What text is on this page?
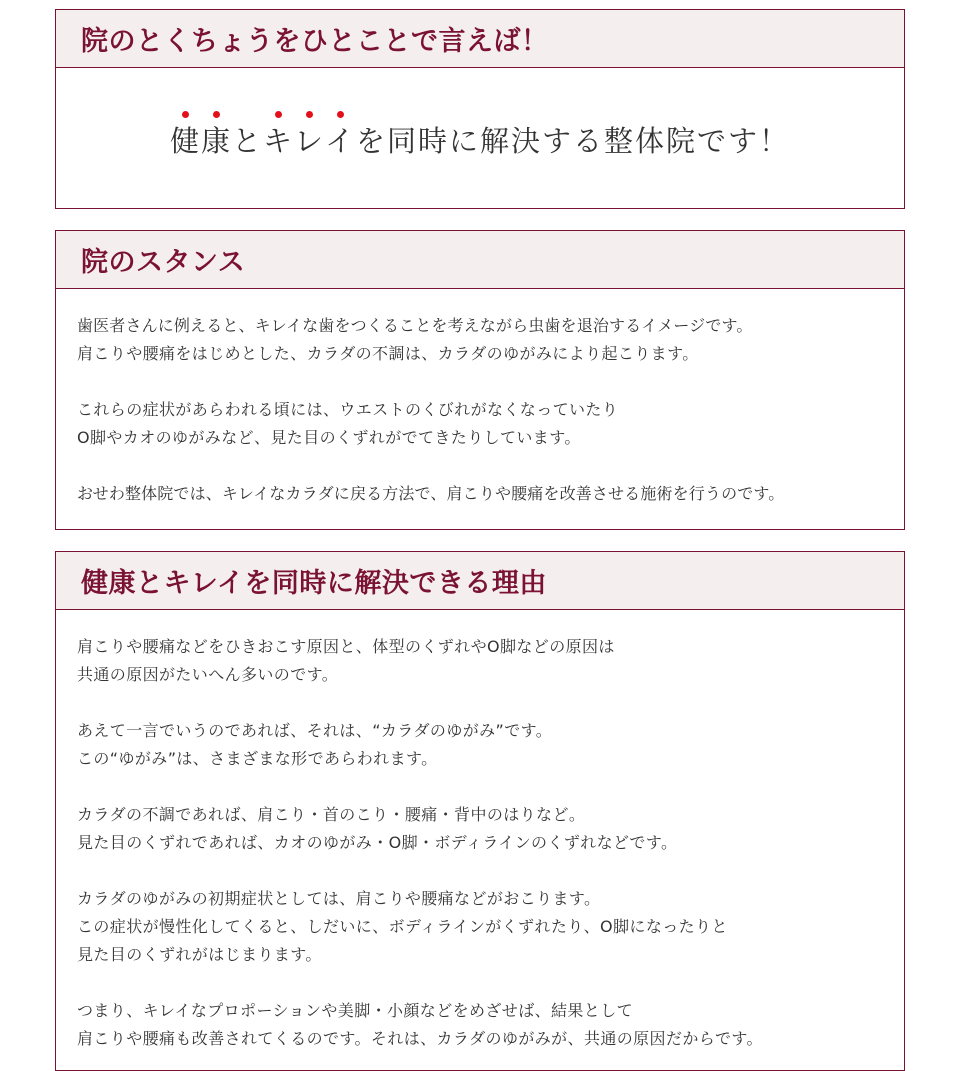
院のとくちょうをひとことで言えば！

健康とキレイを同時に解決する整体院です！

院のスタンス

歯医者さんに例えると、キレイな歯をつくることを考えながら虫歯を退治するイメージです。
肩こりや腰痛をはじめとした、カラダの不調は、カラダのゆがみにより起こります。

これらの症状があらわれる頃には、ウエストのくびれがなくなっていたり
O脚やカオのゆがみなど、見た目のくずれがでてきたりしています。

おせわ整体院では、キレイなカラダに戻る方法で、肩こりや腰痛を改善させる施術を行うのです。

健康とキレイを同時に解決できる理由

肩こりや腰痛などをひきおこす原因と、体型のくずれやO脚などの原因は
共通の原因がたいへん多いのです。

あえて一言でいうのであれば、それは、“カラダのゆがみ”です。
この“ゆがみ”は、さまざまな形であらわれます。

カラダの不調であれば、肩こり・首のこり・腰痛・背中のはりなど。
見た目のくずれであれば、カオのゆがみ・O脚・ボディラインのくずれなどです。

カラダのゆがみの初期症状としては、肩こりや腰痛などがおこります。
この症状が慢性化してくると、しだいに、ボディラインがくずれたり、O脚になったりと
見た目のくずれがはじまります。

つまり、キレイなプロポーションや美脚・小顔などをめざせば、結果として
肩こりや腰痛も改善されてくるのです。それは、カラダのゆがみが、共通の原因だからです。
